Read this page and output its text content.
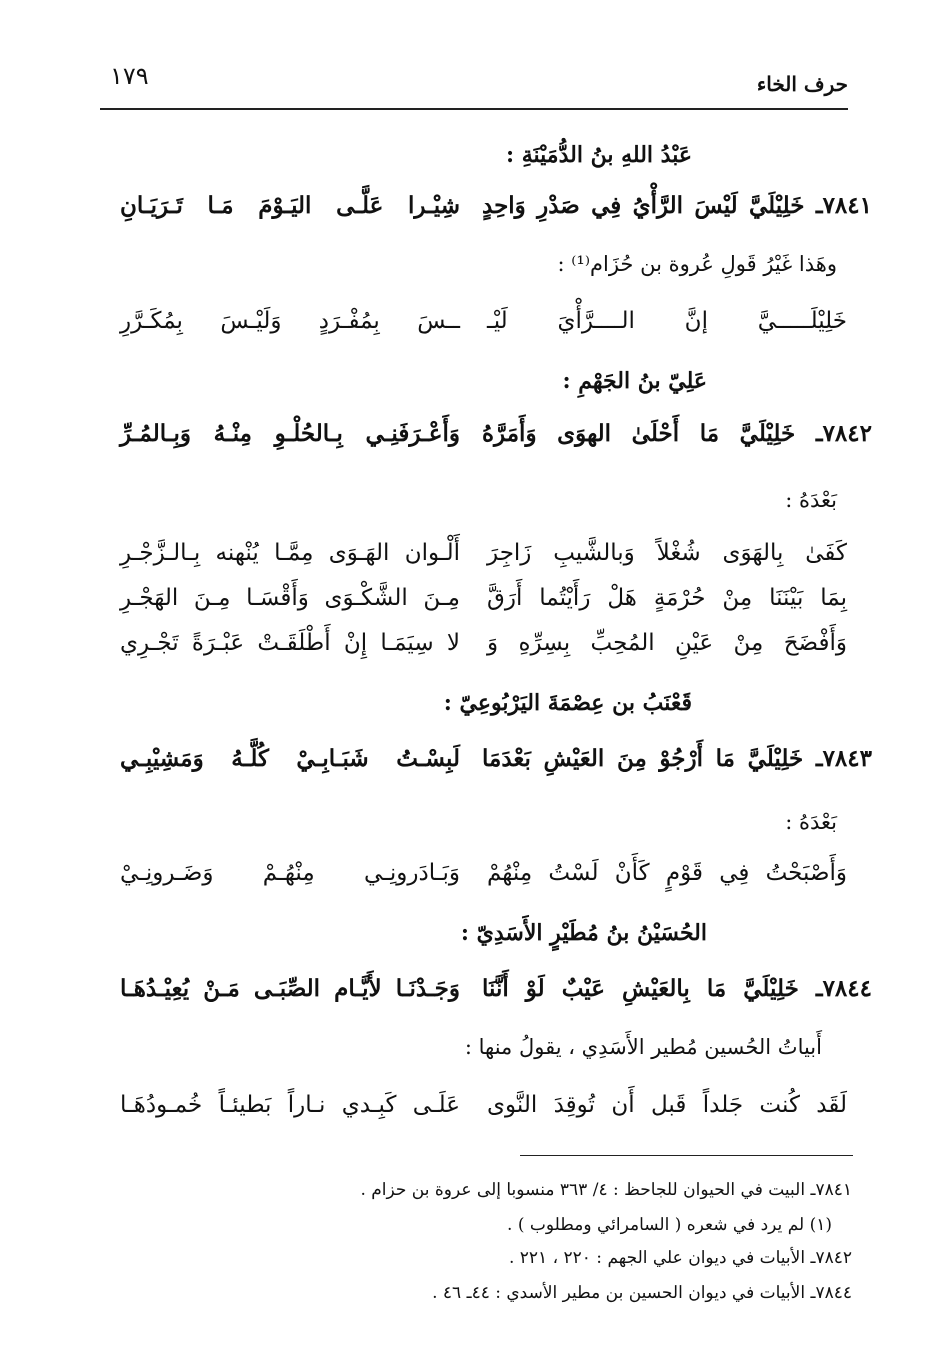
حرف الخاء
١٧٩
عَبْدُ اللهِ بنُ الدُّمَيْنَةِ :
٧٨٤١ـ خَلِيْلَيَّ لَيْسَ الرَّأْيُ فِي صَدْرِ وَاحِدٍ
شِيْـرا عَلَّـى اليَـوْمَ مَـا تَـرَيَـانِ
وهَذا غَيْرُ قَولِ عُروة بن حُزَام⁽¹⁾ :
خَلِيْلَـــــيَّ إنَّ الــــرَّأْيَ لَيْـ
ــسَ بِمُفْـرَدٍ وَلَيْـسَ بِمُكَـرَّرِ
عَلِيّ بنُ الجَهْمِ :
٧٨٤٢ـ خَلِيْلَيَّ مَا أَحْلَىٰ الهوَى وَأَمَرَّهُ
وَأَعْـرَفَنِـي بِـالحُلْـوِ مِنْـهُ وَبِـالمُـرِّ
بَعْدَهُ :
كَفَىٰ بِالهَوَى شُغْلاً وَبالشَّيبِ زَاجِرَ
أَلْـوان الهَـوَى مِمَّـا يُنْهنه بِـالـزَّجْـرِ
بِمَا بَيْنَنَا مِنْ حُرْمَةٍ هَلْ رَأَيْتُما أَرَقَّ
مِـنَ الشَّكْـوَى وَأَقْسَـا مِـنَ الهَجْـرِ
وَأَفْضَحَ مِنْ عَيْنِ المُحِبِّ بِسِرِّهِ وَ
لا سِيَمَـا إِنْ أَطْلَقَـتْ عَبْـرَةً تَجْـرِي
قَعْنَبُ بن عِصْمَةَ اليَرْبُوعِيّ :
٧٨٤٣ـ خَلِيْلَيَّ مَا أَرْجُوْ مِنَ العَيْشِ بَعْدَمَا
لَبِسْـتُ شَبَـابِـيْ كُلَّـهُ وَمَشِيْبِـي
بَعْدَهُ :
وَأَصْبَحْتُ فِي قَوْمٍ كَأَنْ لَسْتُ مِنْهُمْ
وَبَـادَرونِـي مِنْهُـمْ وَضَـرونِـيْ
الحُسَيْنُ بنُ مُطَيْرٍ الأَسَدِيّ :
٧٨٤٤ـ خَلِيْلَيَّ مَا بِالعَيْشِ عَيْبٌ لَوْ أَنَّنَا
وَجَـدْنَـا لأَيَّـام الصِّبَـى مَـنْ يُعِيْـدُهَـا
أَبياتُ الحُسين مُطير الأَسَدِي ، يقولُ منها :
لَقَد كُنت جَلداً قَبل أَن تُوقِدَ النَّوى
عَلَـى كَبِـدي نـاراً بَطيئـاً خُمـودُهَـا
٧٨٤١ـ البيت في الحيوان للجاحظ : ٤/ ٣٦٣ منسوبا إلى عروة بن حزام .
(١) لم يرد في شعره ( السامرائي ومطلوب ) .
٧٨٤٢ـ الأبيات في ديوان علي الجهم : ٢٢٠ ، ٢٢١ .
٧٨٤٤ـ الأبيات في ديوان الحسين بن مطير الأسدي : ٤٤ـ ٤٦ .
